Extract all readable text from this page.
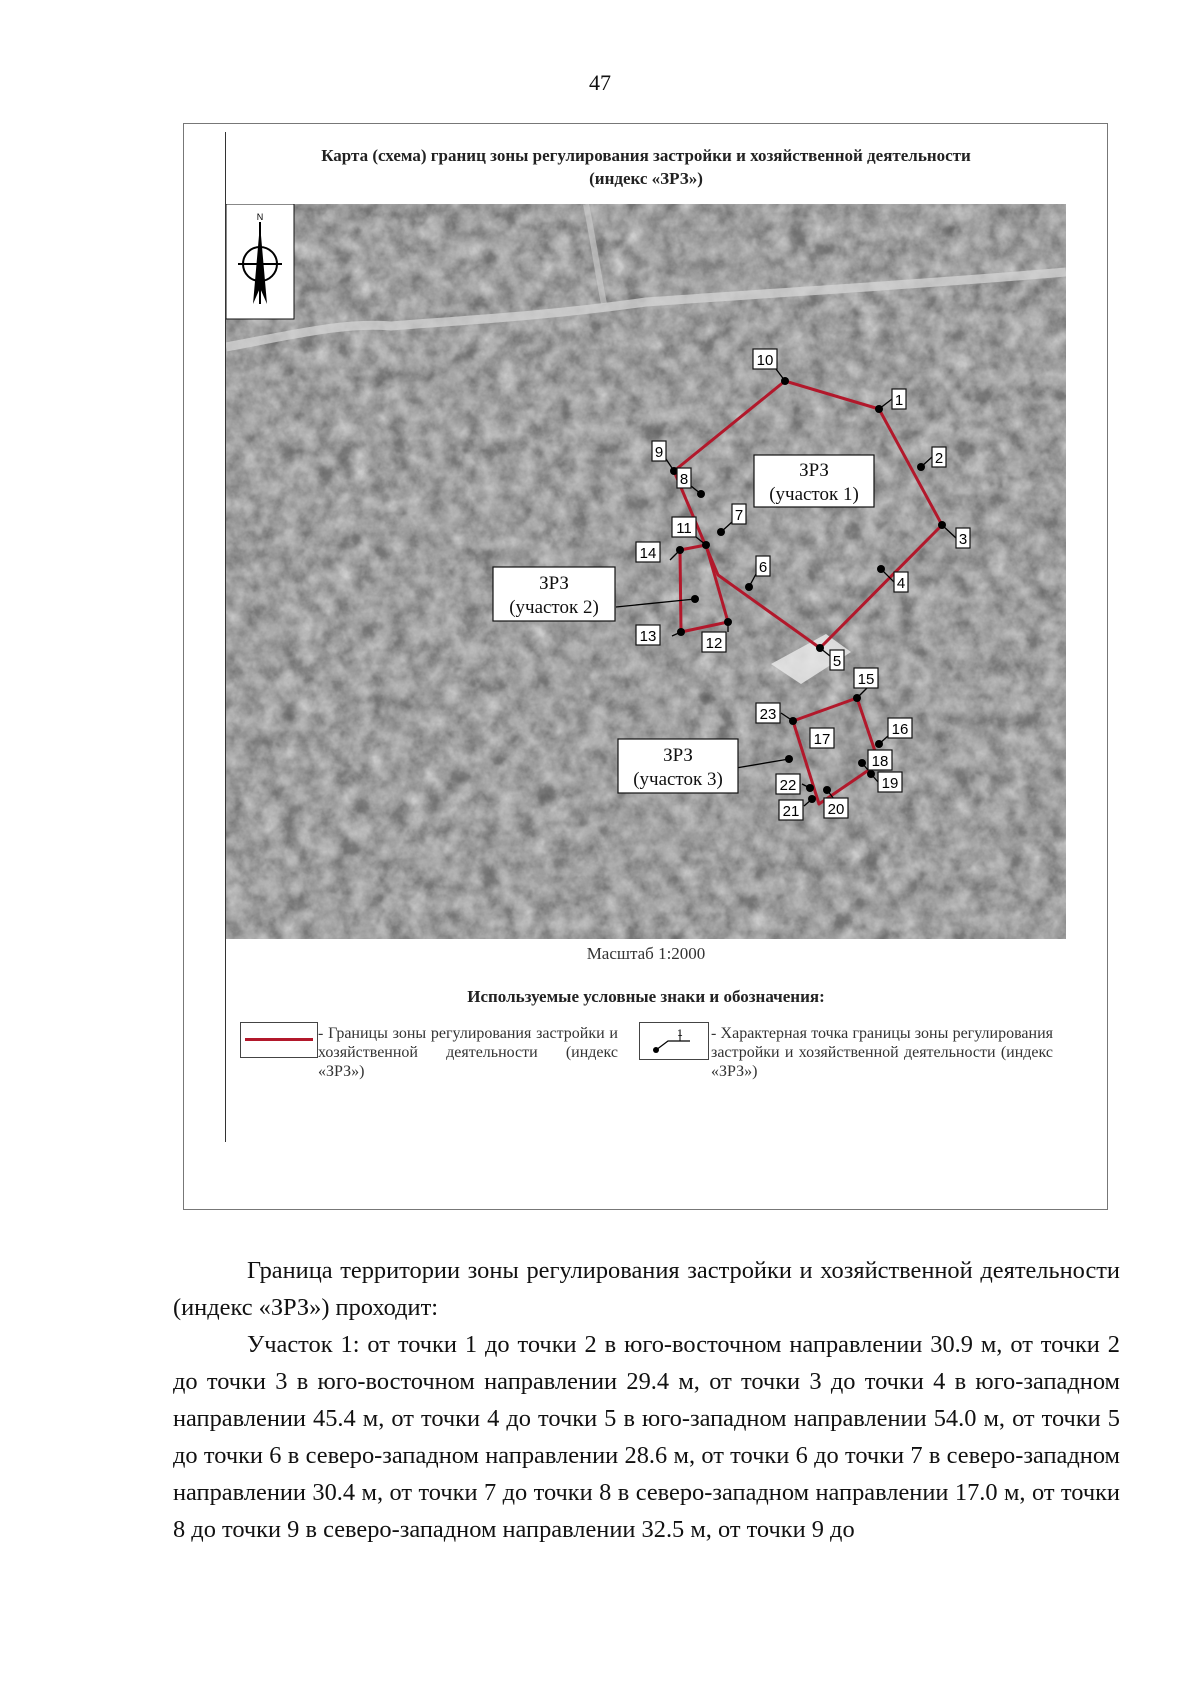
47
Карта (схема) границ зоны регулирования застройки и хозяйственной деятельности
(индекс «ЗРЗ»)
N
ЗРЗ
(участок 1)
ЗРЗ
(участок 2)
ЗРЗ
(участок 3)
1
2
3
4
5
6
7
8
9
10
11
12
13
14
15
16
17
18
19
20
21
22
23
Масштаб 1:2000
Используемые условные знаки и обозначения:
- Границы зоны регулирования застройки и хозяйственной деятельности (индекс «ЗРЗ»)
1 - Характерная точка границы зоны регулирования застройки и хозяйственной деятельности (индекс «ЗРЗ»)

Граница территории зоны регулирования застройки и хозяйственной деятельности (индекс «ЗРЗ») проходит:

Участок 1: от точки 1 до точки 2 в юго-восточном направлении 30.9 м, от точки 2 до точки 3 в юго-восточном направлении 29.4 м, от точки 3 до точки 4 в юго-западном направлении 45.4 м, от точки 4 до точки 5 в юго-западном направлении 54.0 м, от точки 5 до точки 6 в северо-западном направлении 28.6 м, от точки 6 до точки 7 в северо-западном направлении 30.4 м, от точки 7 до точки 8 в северо-западном направлении 17.0 м, от точки 8 до точки 9 в северо-западном направлении 32.5 м, от точки 9 до
